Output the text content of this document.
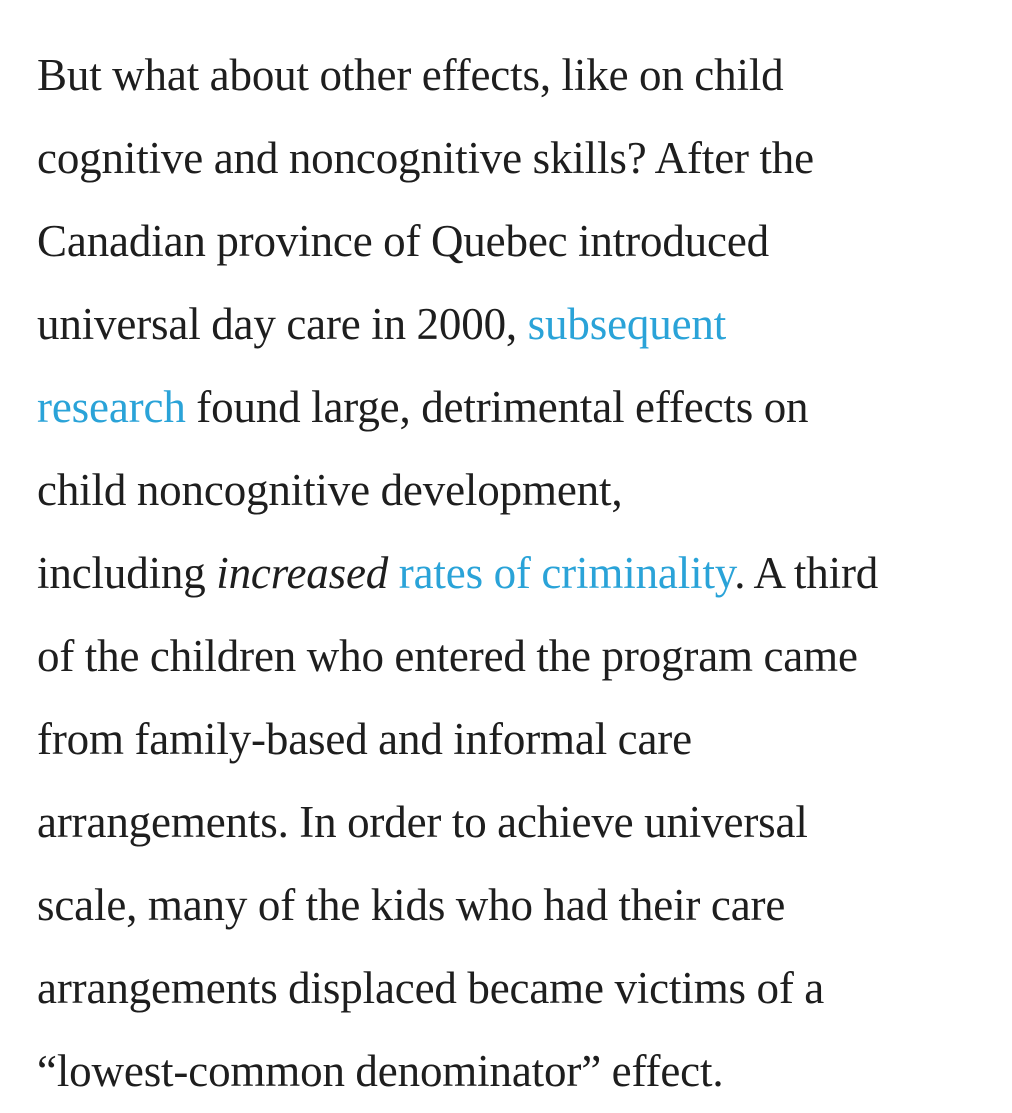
But what about other effects, like on child
cognitive and noncognitive skills? After the
Canadian province of Quebec introduced
universal day care in 2000, subsequent
research found large, detrimental effects on
child noncognitive development,
including increased rates of criminality. A third
of the children who entered the program came
from family-based and informal care
arrangements. In order to achieve universal
scale, many of the kids who had their care
arrangements displaced became victims of a
“lowest-common denominator” effect.
